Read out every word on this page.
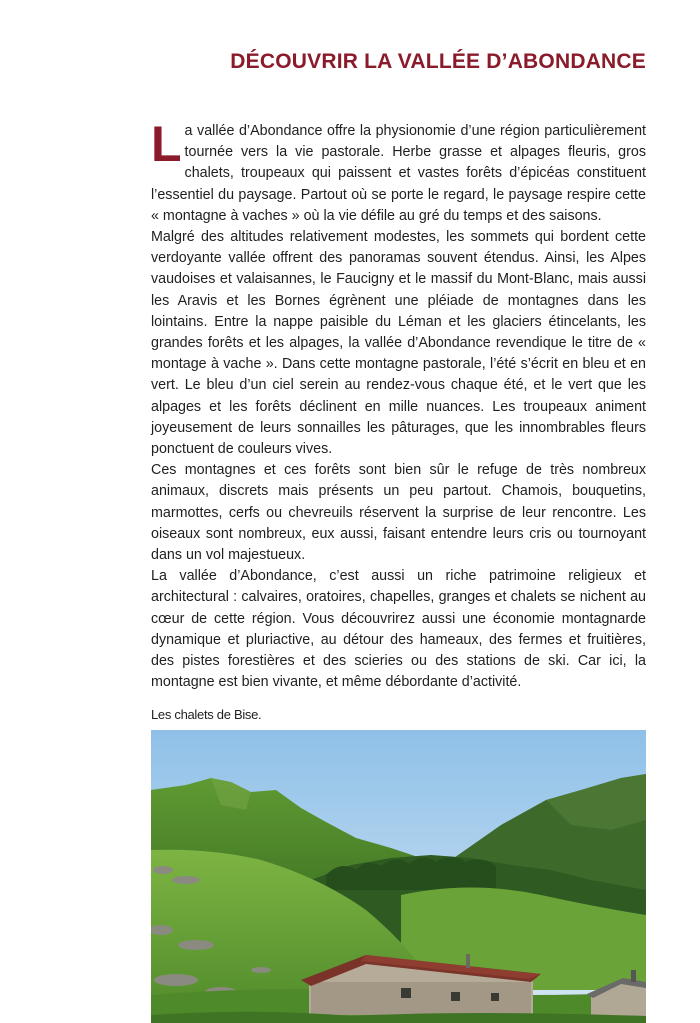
DÉCOUVRIR LA VALLÉE D’ABONDANCE

La vallée d’Abondance offre la physionomie d’une région particulièrement tournée vers la vie pastorale. Herbe grasse et alpages fleuris, gros chalets, troupeaux qui paissent et vastes forêts d’épicéas constituent l’essentiel du paysage. Partout où se porte le regard, le paysage respire cette « montagne à vaches » où la vie défile au gré du temps et des saisons.

Malgré des altitudes relativement modestes, les sommets qui bordent cette verdoyante vallée offrent des panoramas souvent étendus. Ainsi, les Alpes vaudoises et valaisannes, le Faucigny et le massif du Mont-Blanc, mais aussi les Aravis et les Bornes égrènent une pléiade de montagnes dans les lointains. Entre la nappe paisible du Léman et les glaciers étincelants, les grandes forêts et les alpages, la vallée d’Abondance revendique le titre de « montage à vache ». Dans cette montagne pastorale, l’été s’écrit en bleu et en vert. Le bleu d’un ciel serein au rendez-vous chaque été, et le vert que les alpages et les forêts déclinent en mille nuances. Les troupeaux animent joyeusement de leurs sonnailles les pâturages, que les innombrables fleurs ponctuent de couleurs vives.

Ces montagnes et ces forêts sont bien sûr le refuge de très nombreux animaux, discrets mais présents un peu partout. Chamois, bouquetins, marmottes, cerfs ou chevreuils réservent la surprise de leur rencontre. Les oiseaux sont nombreux, eux aussi, faisant entendre leurs cris ou tournoyant dans un vol majestueux.

La vallée d’Abondance, c’est aussi un riche patrimoine religieux et architectural : calvaires, oratoires, chapelles, granges et chalets se nichent au cœur de cette région. Vous découvrirez aussi une économie montagnarde dynamique et pluriactive, au détour des hameaux, des fermes et fruitières, des pistes forestières et des scieries ou des stations de ski. Car ici, la montagne est bien vivante, et même débordante d’activité.

Les chalets de Bise.
